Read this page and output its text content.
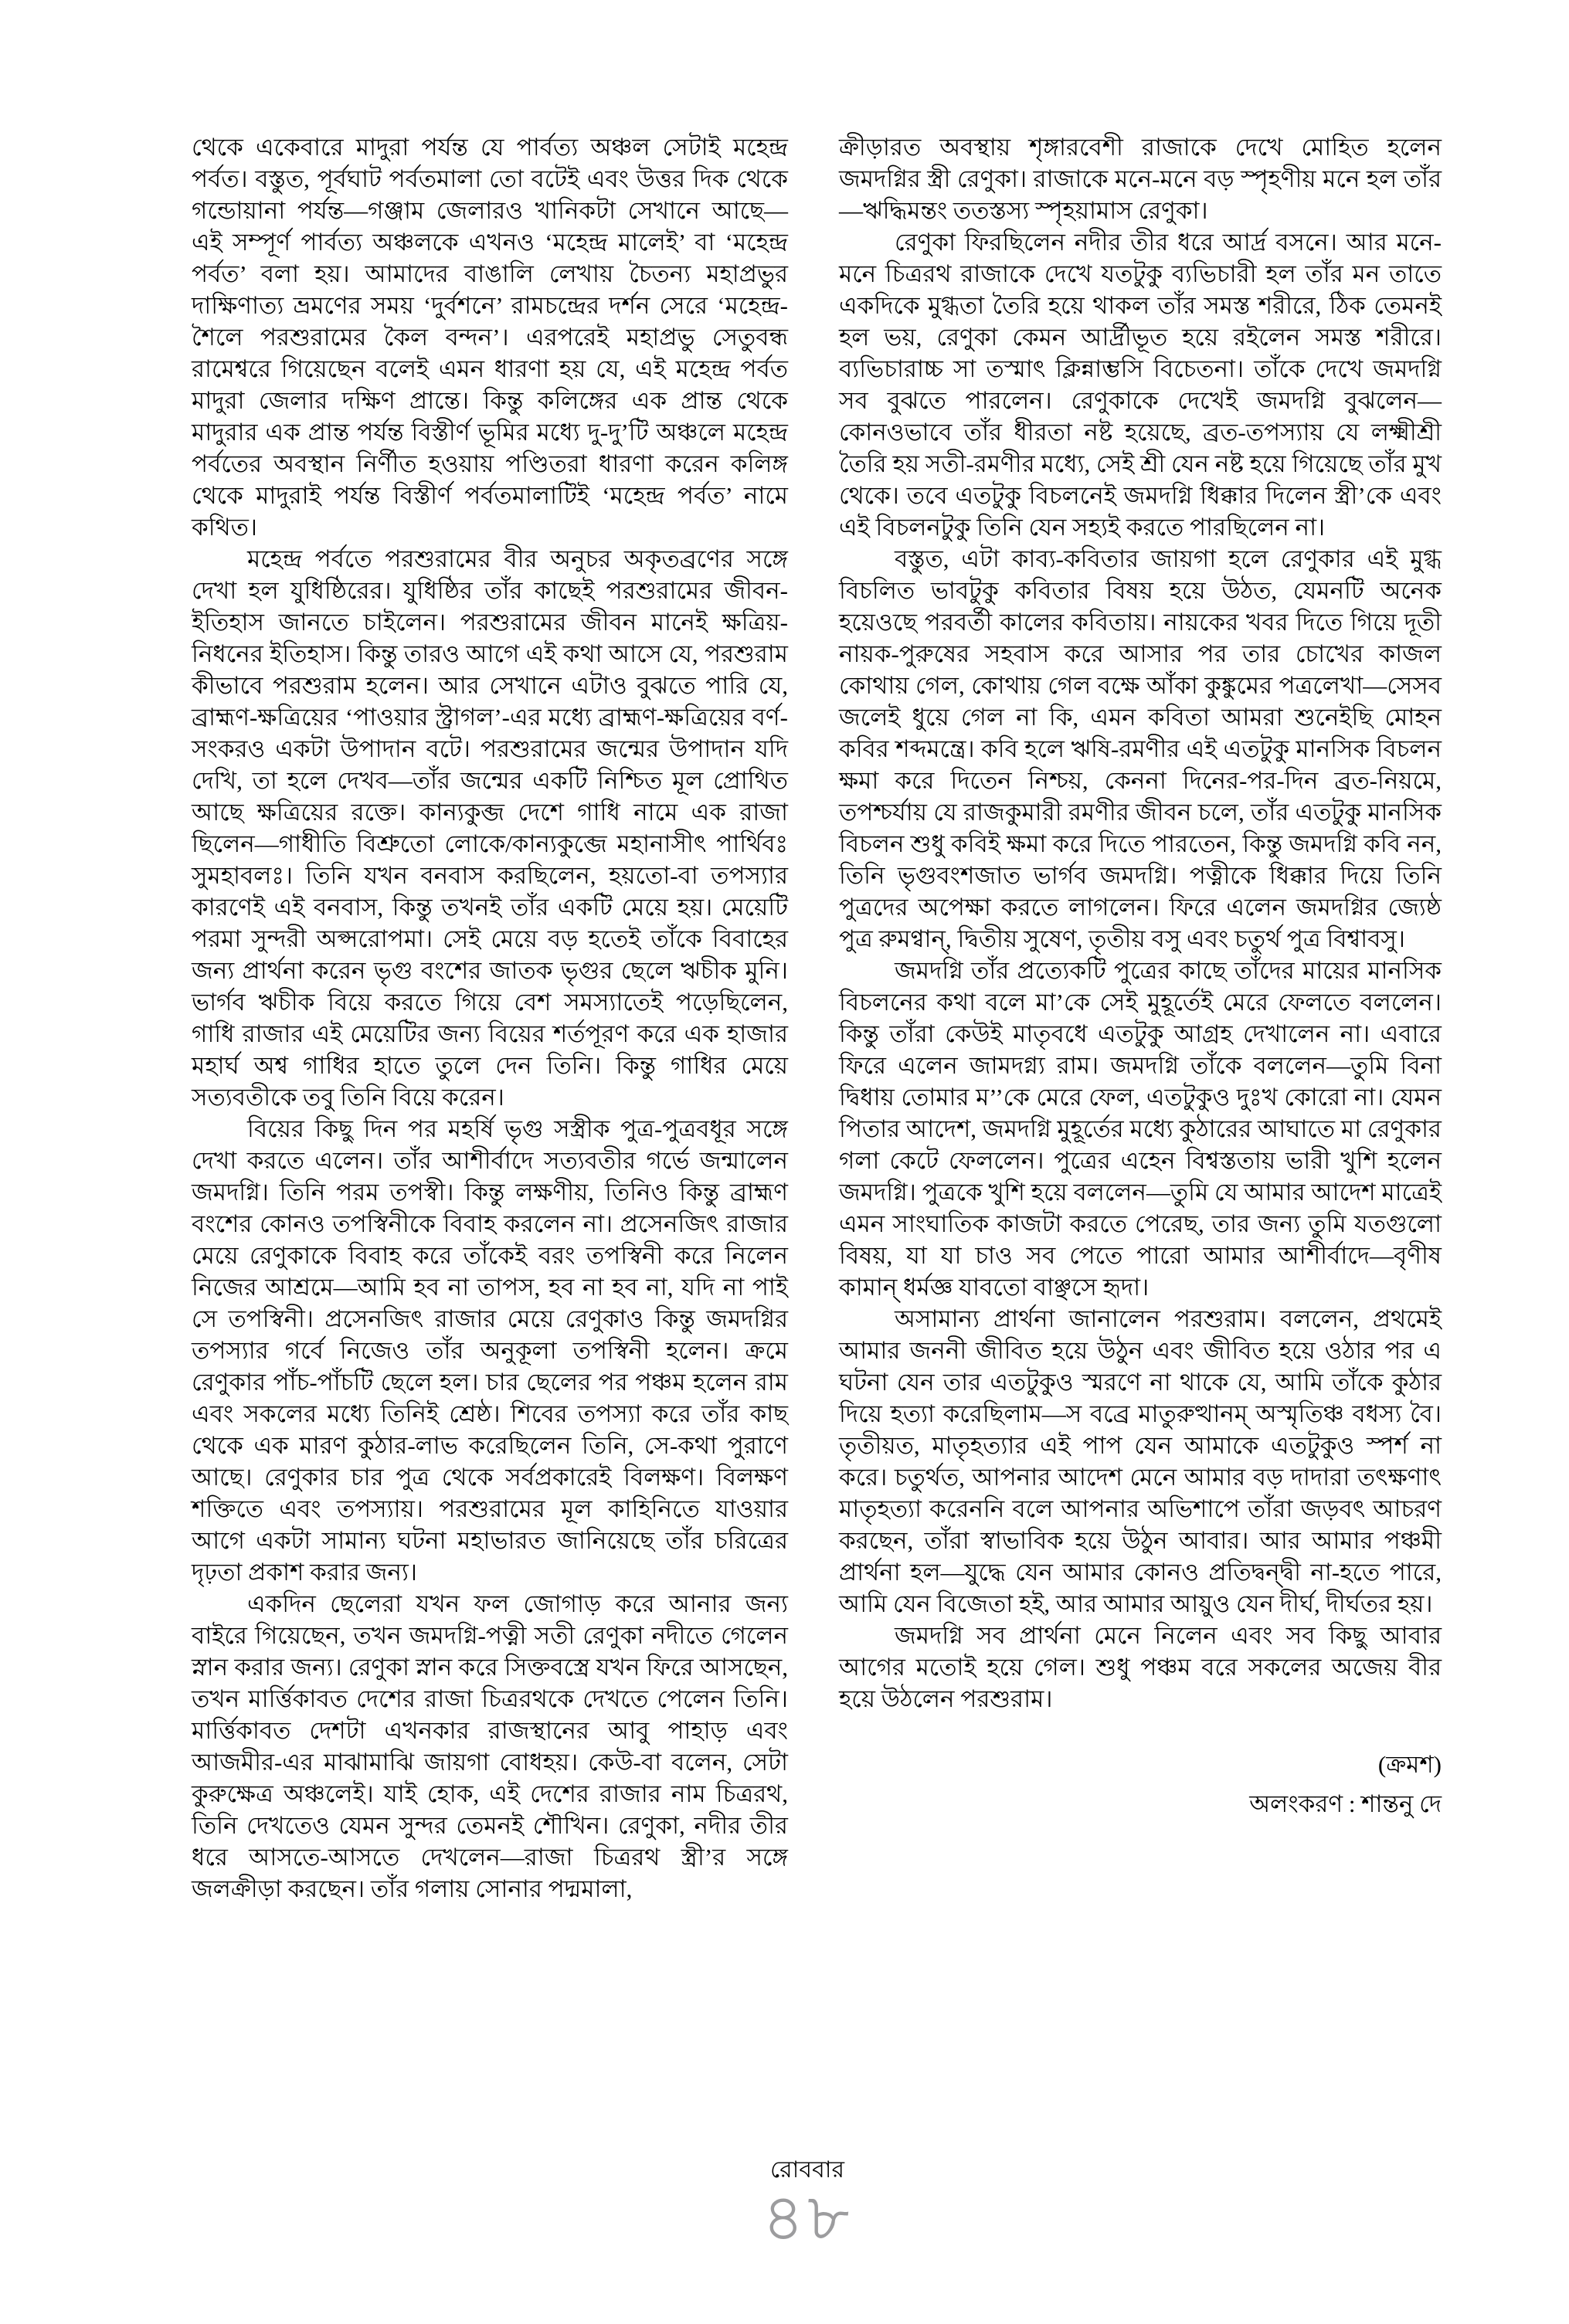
থেকে একেবারে মাদুরা পর্যন্ত যে পার্বত্য অঞ্চল সেটাই মহেন্দ্র পর্বত। বস্তুত, পূর্বঘাট পর্বতমালা তো বটেই এবং উত্তর দিক থেকে গন্ডোয়ানা পর্যন্ত—গঞ্জাম জেলারও খানিকটা সেখানে আছে—এই সম্পূর্ণ পার্বত্য অঞ্চলকে এখনও ‘মহেন্দ্র মালেই’ বা ‘মহেন্দ্র পর্বত’ বলা হয়। আমাদের বাঙালি লেখায় চৈতন্য মহাপ্রভুর দাক্ষিণাত্য ভ্রমণের সময় ‘দুর্বশনে’ রামচন্দ্রের দর্শন সেরে ‘মহেন্দ্র-শৈলে পরশুরামের কৈল বন্দন’। এরপরেই মহাপ্রভু সেতুবন্ধ রামেশ্বরে গিয়েছেন বলেই এমন ধারণা হয় যে, এই মহেন্দ্র পর্বত মাদুরা জেলার দক্ষিণ প্রান্তে। কিন্তু কলিঙ্গের এক প্রান্ত থেকে মাদুরার এক প্রান্ত পর্যন্ত বিস্তীর্ণ ভূমির মধ্যে দু-দু’টি অঞ্চলে মহেন্দ্র পর্বতের অবস্থান নির্ণীত হওয়ায় পণ্ডিতরা ধারণা করেন কলিঙ্গ থেকে মাদুরাই পর্যন্ত বিস্তীর্ণ পর্বতমালাটিই ‘মহেন্দ্র পর্বত’ নামে কথিত।

মহেন্দ্র পর্বতে পরশুরামের বীর অনুচর অকৃতব্রণের সঙ্গে দেখা হল যুধিষ্ঠিরের। যুধিষ্ঠির তাঁর কাছেই পরশুরামের জীবন-ইতিহাস জানতে চাইলেন। পরশুরামের জীবন মানেই ক্ষত্রিয়-নিধনের ইতিহাস। কিন্তু তারও আগে এই কথা আসে যে, পরশুরাম কীভাবে পরশুরাম হলেন। আর সেখানে এটাও বুঝতে পারি যে, ব্রাহ্মণ-ক্ষত্রিয়ের ‘পাওয়ার স্ট্রাগল’-এর মধ্যে ব্রাহ্মণ-ক্ষত্রিয়ের বর্ণ-সংকরও একটা উপাদান বটে। পরশুরামের জন্মের উপাদান যদি দেখি, তা হলে দেখব—তাঁর জন্মের একটি নিশ্চিত মূল প্রোথিত আছে ক্ষত্রিয়ের রক্তে। কান্যকুব্জ দেশে গাধি নামে এক রাজা ছিলেন—গাধীতি বিশ্রুতো লোকে/কান্যকুব্জে মহানাসীৎ পার্থিবঃ সুমহাবলঃ। তিনি যখন বনবাস করছিলেন, হয়তো-বা তপস্যার কারণেই এই বনবাস, কিন্তু তখনই তাঁর একটি মেয়ে হয়। মেয়েটি পরমা সুন্দরী অপ্সরোপমা। সেই মেয়ে বড় হতেই তাঁকে বিবাহের জন্য প্রার্থনা করেন ভৃগু বংশের জাতক ভৃগুর ছেলে ঋচীক মুনি। ভার্গব ঋচীক বিয়ে করতে গিয়ে বেশ সমস্যাতেই পড়েছিলেন, গাধি রাজার এই মেয়েটির জন্য বিয়ের শর্তপূরণ করে এক হাজার মহার্ঘ অশ্ব গাধির হাতে তুলে দেন তিনি। কিন্তু গাধির মেয়ে সত্যবতীকে তবু তিনি বিয়ে করেন।

বিয়ের কিছু দিন পর মহর্ষি ভৃগু সস্ত্রীক পুত্র-পুত্রবধূর সঙ্গে দেখা করতে এলেন। তাঁর আশীর্বাদে সত্যবতীর গর্ভে জন্মালেন জমদগ্নি। তিনি পরম তপস্বী। কিন্তু লক্ষণীয়, তিনিও কিন্তু ব্রাহ্মণ বংশের কোনও তপস্বিনীকে বিবাহ করলেন না। প্রসেনজিৎ রাজার মেয়ে রেণুকাকে বিবাহ করে তাঁকেই বরং তপস্বিনী করে নিলেন নিজের আশ্রমে—আমি হব না তাপস, হব না হব না, যদি না পাই সে তপস্বিনী। প্রসেনজিৎ রাজার মেয়ে রেণুকাও কিন্তু জমদগ্নির তপস্যার গর্বে নিজেও তাঁর অনুকূলা তপস্বিনী হলেন। ক্রমে রেণুকার পাঁচ-পাঁচটি ছেলে হল। চার ছেলের পর পঞ্চম হলেন রাম এবং সকলের মধ্যে তিনিই শ্রেষ্ঠ। শিবের তপস্যা করে তাঁর কাছ থেকে এক মারণ কুঠার-লাভ করেছিলেন তিনি, সে-কথা পুরাণে আছে। রেণুকার চার পুত্র থেকে সর্বপ্রকারেই বিলক্ষণ। বিলক্ষণ শক্তিতে এবং তপস্যায়। পরশুরামের মূল কাহিনিতে যাওয়ার আগে একটা সামান্য ঘটনা মহাভারত জানিয়েছে তাঁর চরিত্রের দৃঢ়তা প্রকাশ করার জন্য।

একদিন ছেলেরা যখন ফল জোগাড় করে আনার জন্য বাইরে গিয়েছেন, তখন জমদগ্নি-পত্নী সতী রেণুকা নদীতে গেলেন স্নান করার জন্য। রেণুকা স্নান করে সিক্তবস্ত্রে যখন ফিরে আসছেন, তখন মার্ত্তিকাবত দেশের রাজা চিত্ররথকে দেখতে পেলেন তিনি। মার্ত্তিকাবত দেশটা এখনকার রাজস্থানের আবু পাহাড় এবং আজমীর-এর মাঝামাঝি জায়গা বোধহয়। কেউ-বা বলেন, সেটা কুরুক্ষেত্র অঞ্চলেই। যাই হোক, এই দেশের রাজার নাম চিত্ররথ, তিনি দেখতেও যেমন সুন্দর তেমনই শৌখিন। রেণুকা, নদীর তীর ধরে আসতে-আসতে দেখলেন—রাজা চিত্ররথ স্ত্রী’র সঙ্গে জলক্রীড়া করছেন। তাঁর গলায় সোনার পদ্মমালা,

ক্রীড়ারত অবস্থায় শৃঙ্গারবেশী রাজাকে দেখে মোহিত হলেন জমদগ্নির স্ত্রী রেণুকা। রাজাকে মনে-মনে বড় স্পৃহণীয় মনে হল তাঁর—ঋদ্ধিমন্তং ততস্তস্য স্পৃহয়ামাস রেণুকা।

রেণুকা ফিরছিলেন নদীর তীর ধরে আর্দ্র বসনে। আর মনে-মনে চিত্ররথ রাজাকে দেখে যতটুকু ব্যভিচারী হল তাঁর মন তাতে একদিকে মুগ্ধতা তৈরি হয়ে থাকল তাঁর সমস্ত শরীরে, ঠিক তেমনই হল ভয়, রেণুকা কেমন আর্দ্রীভূত হয়ে রইলেন সমস্ত শরীরে। ব্যভিচারাচ্চ সা তস্মাৎ ক্লিন্নাম্ভসি বিচেতনা। তাঁকে দেখে জমদগ্নি সব বুঝতে পারলেন। রেণুকাকে দেখেই জমদগ্নি বুঝলেন—কোনওভাবে তাঁর ধীরতা নষ্ট হয়েছে, ব্রত-তপস্যায় যে লক্ষ্মীশ্রী তৈরি হয় সতী-রমণীর মধ্যে, সেই শ্রী যেন নষ্ট হয়ে গিয়েছে তাঁর মুখ থেকে। তবে এতটুকু বিচলনেই জমদগ্নি ধিক্কার দিলেন স্ত্রী’কে এবং এই বিচলনটুকু তিনি যেন সহ্যই করতে পারছিলেন না।

বস্তুত, এটা কাব্য-কবিতার জায়গা হলে রেণুকার এই মুগ্ধ বিচলিত ভাবটুকু কবিতার বিষয় হয়ে উঠত, যেমনটি অনেক হয়েওছে পরবর্তী কালের কবিতায়। নায়কের খবর দিতে গিয়ে দূতী নায়ক-পুরুষের সহবাস করে আসার পর তার চোখের কাজল কোথায় গেল, কোথায় গেল বক্ষে আঁকা কুঙ্কুমের পত্রলেখা—সেসব জলেই ধুয়ে গেল না কি, এমন কবিতা আমরা শুনেইছি মোহন কবির শব্দমন্ত্রে। কবি হলে ঋষি-রমণীর এই এতটুকু মানসিক বিচলন ক্ষমা করে দিতেন নিশ্চয়, কেননা দিনের-পর-দিন ব্রত-নিয়মে, তপশ্চর্যায় যে রাজকুমারী রমণীর জীবন চলে, তাঁর এতটুকু মানসিক বিচলন শুধু কবিই ক্ষমা করে দিতে পারতেন, কিন্তু জমদগ্নি কবি নন, তিনি ভৃগুবংশজাত ভার্গব জমদগ্নি। পত্নীকে ধিক্কার দিয়ে তিনি পুত্রদের অপেক্ষা করতে লাগলেন। ফিরে এলেন জমদগ্নির জ্যেষ্ঠ পুত্র রুমণ্বান্, দ্বিতীয় সুষেণ, তৃতীয় বসু এবং চতুর্থ পুত্র বিশ্বাবসু।

জমদগ্নি তাঁর প্রত্যেকটি পুত্রের কাছে তাঁদের মায়ের মানসিক বিচলনের কথা বলে মা’কে সেই মুহূর্তেই মেরে ফেলতে বললেন। কিন্তু তাঁরা কেউই মাতৃবধে এতটুকু আগ্রহ দেখালেন না। এবারে ফিরে এলেন জামদগ্ন্য রাম। জমদগ্নি তাঁকে বললেন—তুমি বিনা দ্বিধায় তোমার ম’’কে মেরে ফেল, এতটুকুও দুঃখ কোরো না। যেমন পিতার আদেশ, জমদগ্নি মুহূর্তের মধ্যে কুঠারের আঘাতে মা রেণুকার গলা কেটে ফেললেন। পুত্রের এহেন বিশ্বস্ততায় ভারী খুশি হলেন জমদগ্নি। পুত্রকে খুশি হয়ে বললেন—তুমি যে আমার আদেশ মাত্রেই এমন সাংঘাতিক কাজটা করতে পেরেছ, তার জন্য তুমি যতগুলো বিষয়, যা যা চাও সব পেতে পারো আমার আশীর্বাদে—বৃণীষ কামান্ ধর্মজ্ঞ যাবতো বাঞ্ছসে হৃদা।

অসামান্য প্রার্থনা জানালেন পরশুরাম। বললেন, প্রথমেই আমার জননী জীবিত হয়ে উঠুন এবং জীবিত হয়ে ওঠার পর এ ঘটনা যেন তার এতটুকুও স্মরণে না থাকে যে, আমি তাঁকে কুঠার দিয়ে হত্যা করেছিলাম—স বব্রে মাতুরুত্থানম্ অস্মৃতিঞ্চ বধস্য বৈ। তৃতীয়ত, মাতৃহত্যার এই পাপ যেন আমাকে এতটুকুও স্পর্শ না করে। চতুর্থত, আপনার আদেশ মেনে আমার বড় দাদারা তৎক্ষণাৎ মাতৃহত্যা করেননি বলে আপনার অভিশাপে তাঁরা জড়বৎ আচরণ করছেন, তাঁরা স্বাভাবিক হয়ে উঠুন আবার। আর আমার পঞ্চমী প্রার্থনা হল—যুদ্ধে যেন আমার কোনও প্রতিদ্বন্দ্বী না-হতে পারে, আমি যেন বিজেতা হই, আর আমার আয়ুও যেন দীর্ঘ, দীর্ঘতর হয়।

জমদগ্নি সব প্রার্থনা মেনে নিলেন এবং সব কিছু আবার আগের মতোই হয়ে গেল। শুধু পঞ্চম বরে সকলের অজেয় বীর হয়ে উঠলেন পরশুরাম।

(ক্রমশ)

অলংকরণ : শান্তনু দে

রোববার
৪৮
